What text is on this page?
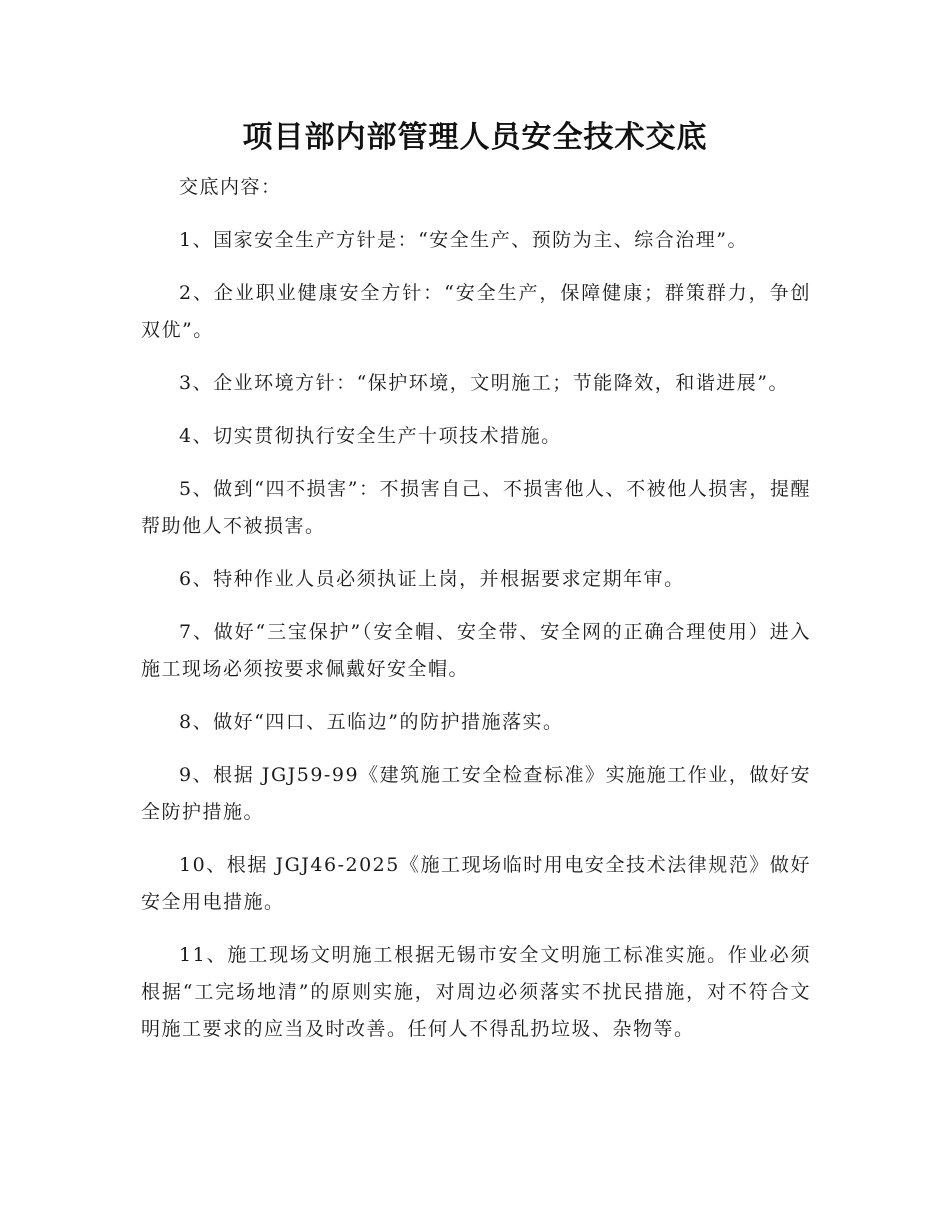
项目部内部管理人员安全技术交底

交底内容：

1、国家安全生产方针是：“安全生产、预防为主、综合治理”。
2、企业职业健康安全方针：“安全生产，保障健康；群策群力，争创双优”。
3、企业环境方针：“保护环境，文明施工；节能降效，和谐进展”。
4、切实贯彻执行安全生产十项技术措施。
5、做到“四不损害”：不损害自己、不损害他人、不被他人损害，提醒帮助他人不被损害。
6、特种作业人员必须执证上岗，并根据要求定期年审。
7、做好“三宝保护”（安全帽、安全带、安全网的正确合理使用）进入施工现场必须按要求佩戴好安全帽。
8、做好“四口、五临边”的防护措施落实。
9、根据 JGJ59-99《建筑施工安全检查标准》实施施工作业，做好安全防护措施。
10、根据 JGJ46-2025《施工现场临时用电安全技术法律规范》做好安全用电措施。
11、施工现场文明施工根据无锡市安全文明施工标准实施。作业必须根据“工完场地清”的原则实施，对周边必须落实不扰民措施，对不符合文明施工要求的应当及时改善。任何人不得乱扔垃圾、杂物等。
